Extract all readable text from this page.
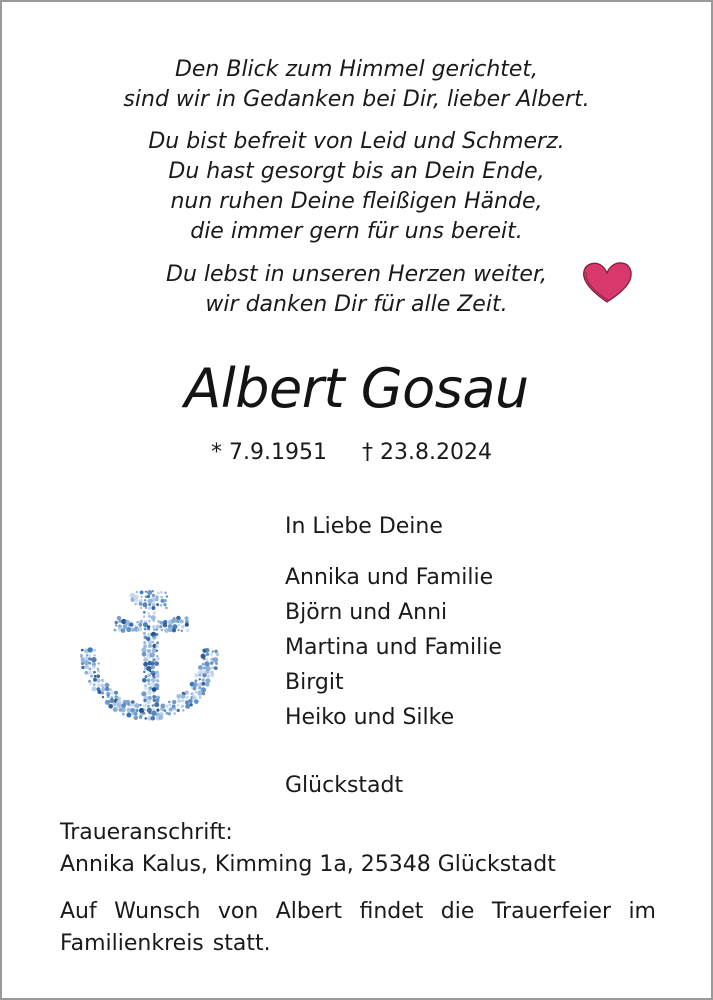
Den Blick zum Himmel gerichtet,
sind wir in Gedanken bei Dir, lieber Albert.
Du bist befreit von Leid und Schmerz.
Du hast gesorgt bis an Dein Ende,
nun ruhen Deine fleißigen Hände,
die immer gern für uns bereit.
Du lebst in unseren Herzen weiter,
wir danken Dir für alle Zeit.
Albert Gosau
* 7.9.1951 † 23.8.2024
In Liebe Deine
Annika und Familie
Björn und Anni
Martina und Familie
Birgit
Heiko und Silke
Glückstadt
Traueranschrift:
Annika Kalus, Kimming 1a, 25348 Glückstadt
Auf Wunsch von Albert findet die Trauerfeier im Familienkreis statt.
